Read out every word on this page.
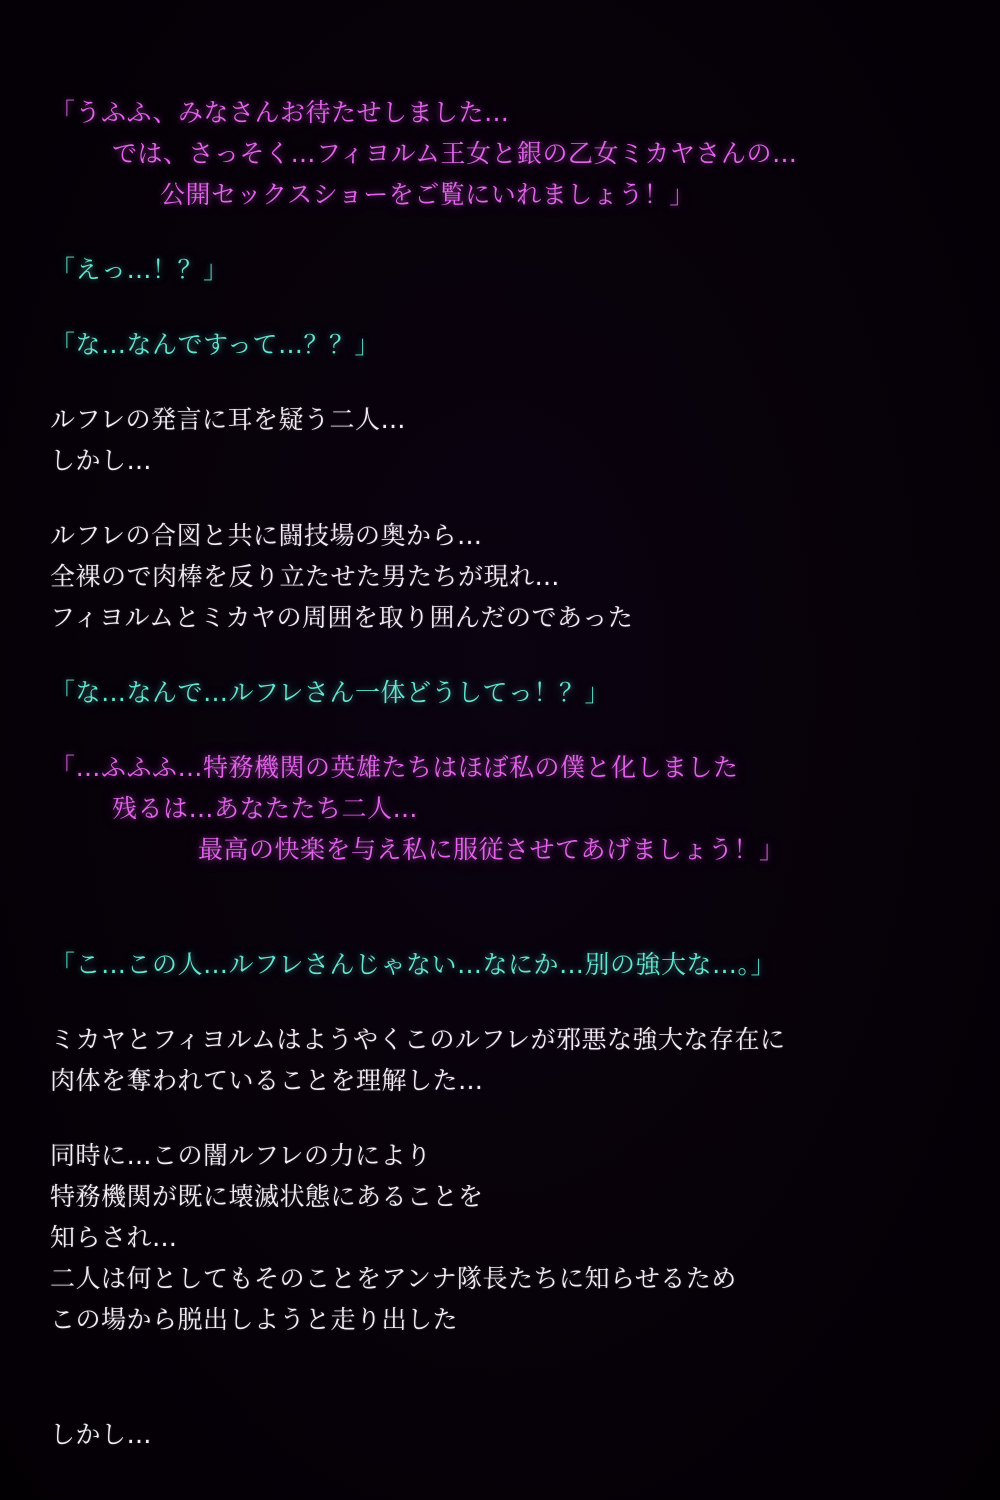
「うふふ、みなさんお待たせしました…
では、さっそく…フィヨルム王女と銀の乙女ミカヤさんの…
公開セックスショーをご覧にいれましょう！」
「えっ…！？」
「な…なんですって…？？」
ルフレの発言に耳を疑う二人…
しかし…
ルフレの合図と共に闘技場の奥から…
全裸ので肉棒を反り立たせた男たちが現れ…
フィヨルムとミカヤの周囲を取り囲んだのであった
「な…なんで…ルフレさん一体どうしてっ！？」
「…ふふふ…特務機関の英雄たちはほぼ私の僕と化しました
残るは…あなたたち二人…
最高の快楽を与え私に服従させてあげましょう！」
「こ…この人…ルフレさんじゃない…なにか…別の強大な…。」
ミカヤとフィヨルムはようやくこのルフレが邪悪な強大な存在に
肉体を奪われていることを理解した…
同時に…この闇ルフレの力により
特務機関が既に壊滅状態にあることを
知らされ…
二人は何としてもそのことをアンナ隊長たちに知らせるため
この場から脱出しようと走り出した
しかし…
